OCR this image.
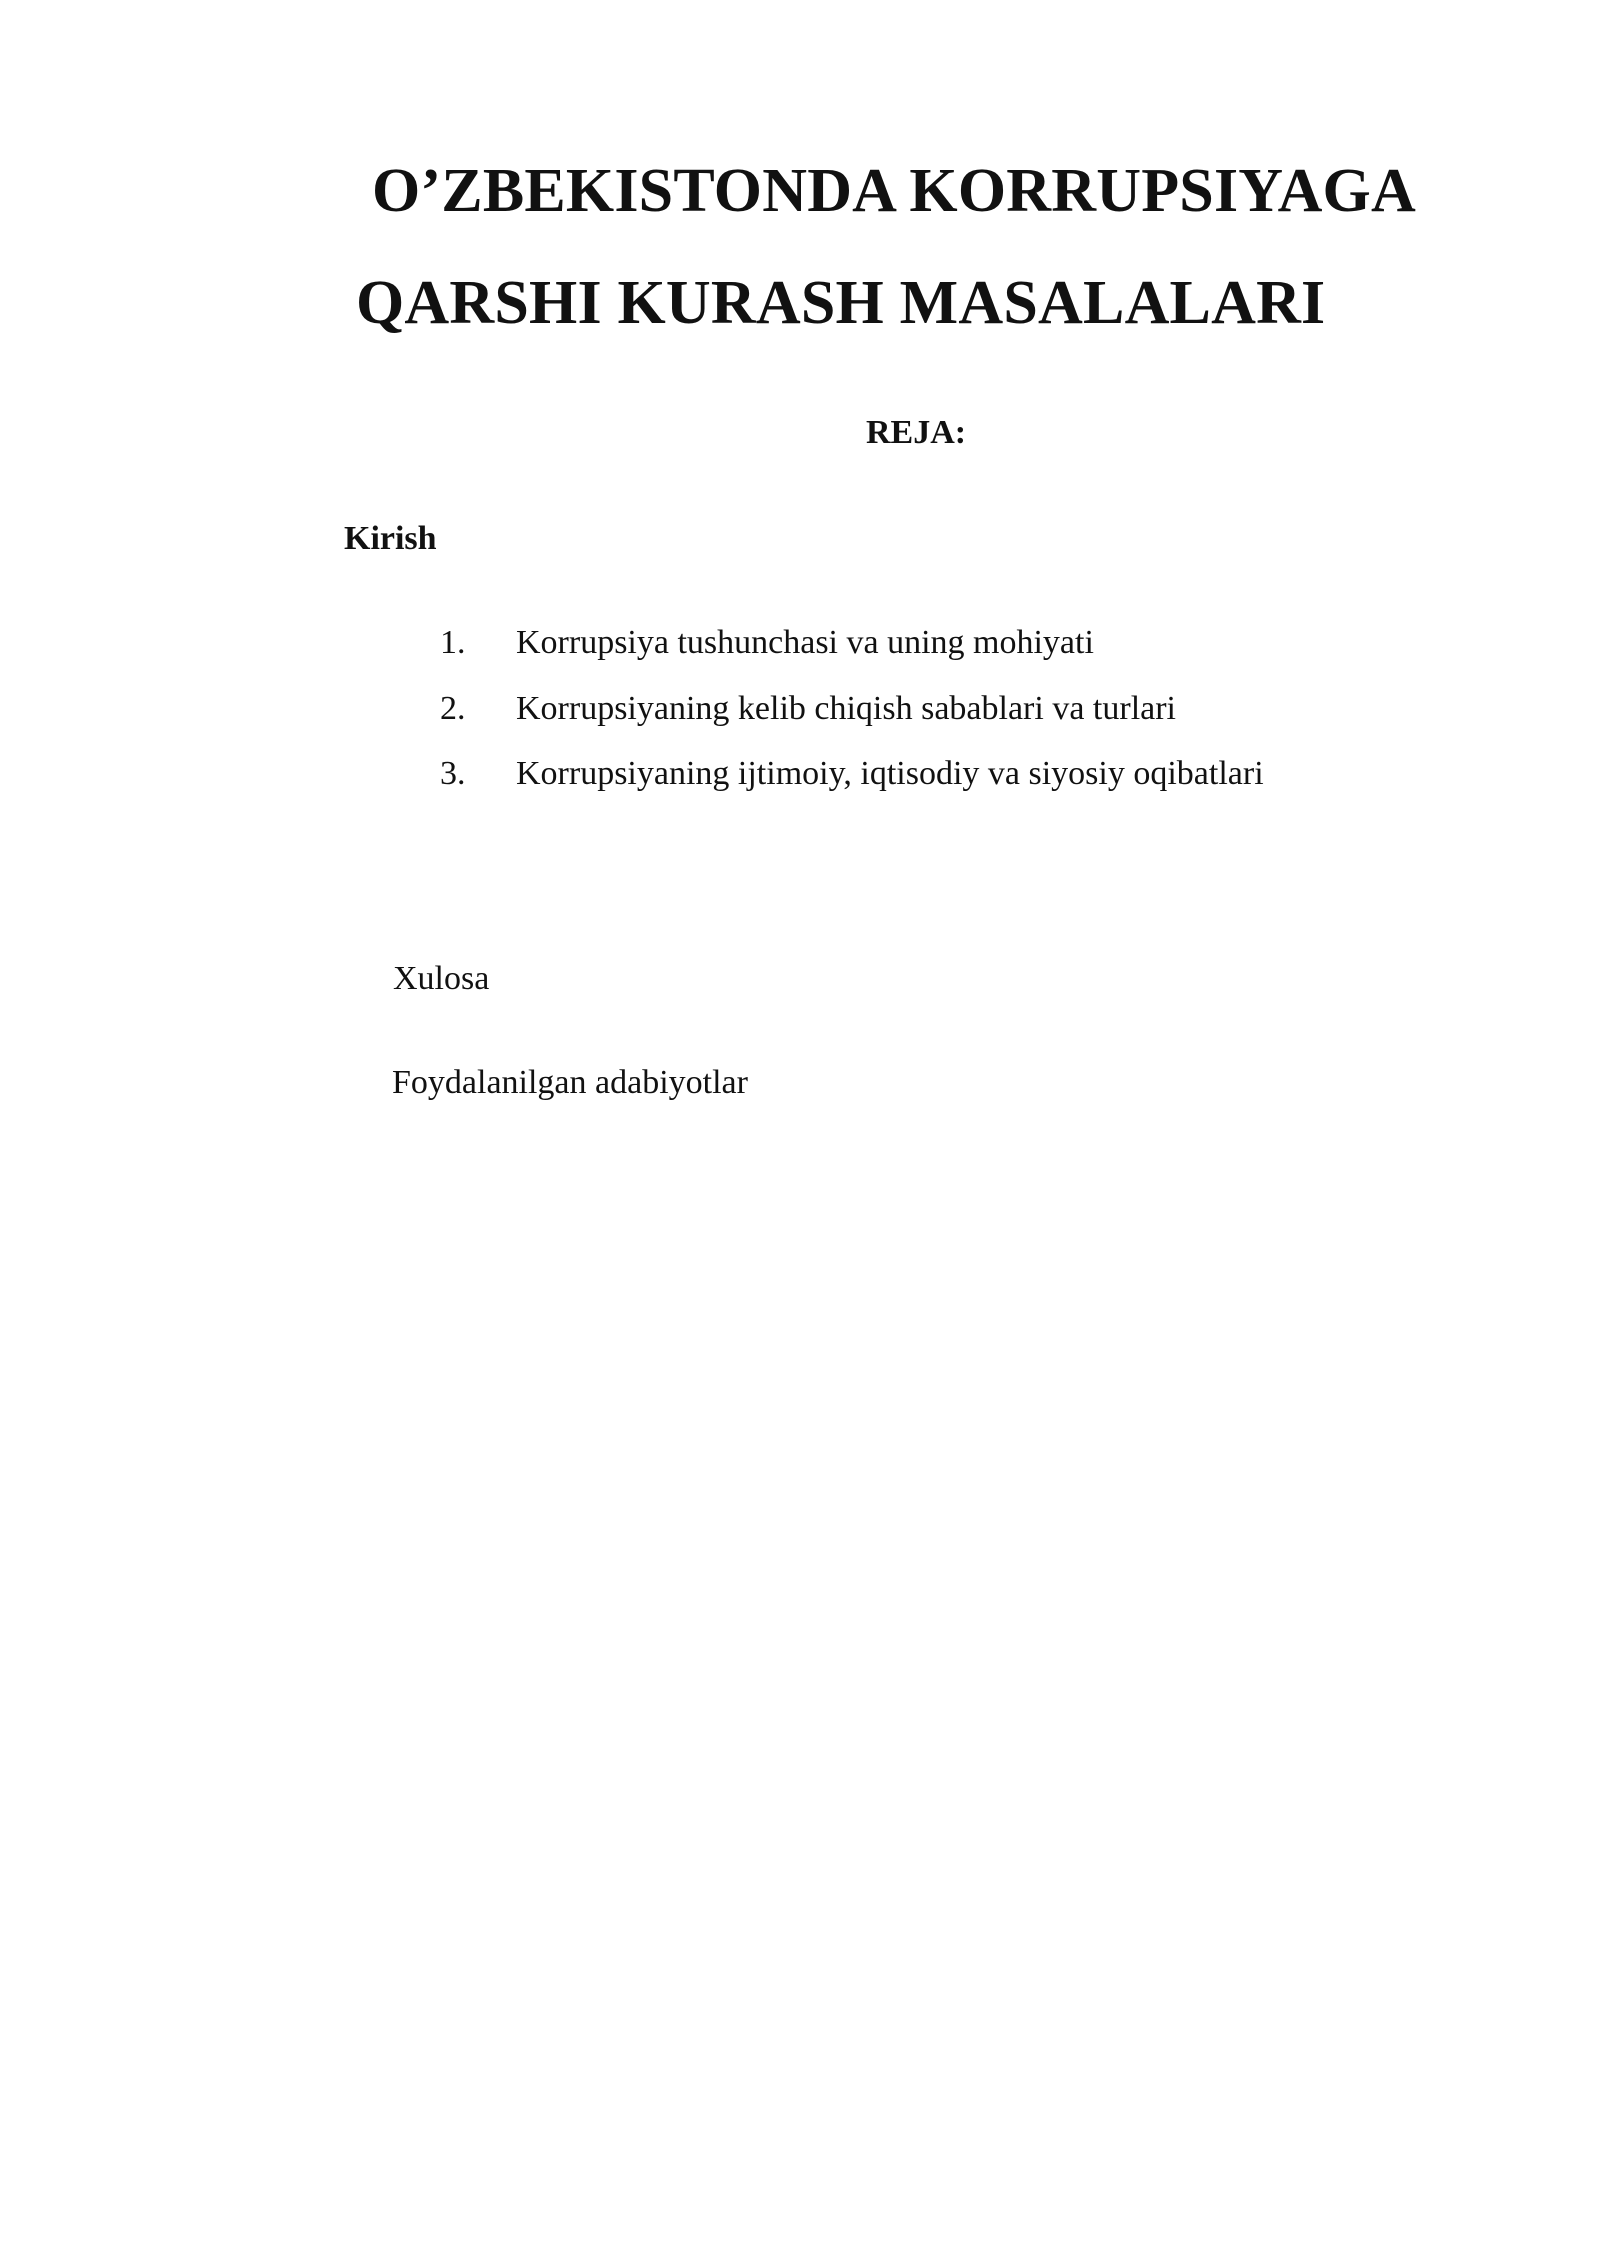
O’ZBEKISTONDA KORRUPSIYAGA
QARSHI KURASH MASALALARI
REJA:
Kirish
1. Korrupsiya tushunchasi va uning mohiyati
2. Korrupsiyaning kelib chiqish sabablari va turlari
3. Korrupsiyaning ijtimoiy, iqtisodiy va siyosiy oqibatlari
Xulosa
Foydalanilgan adabiyotlar
